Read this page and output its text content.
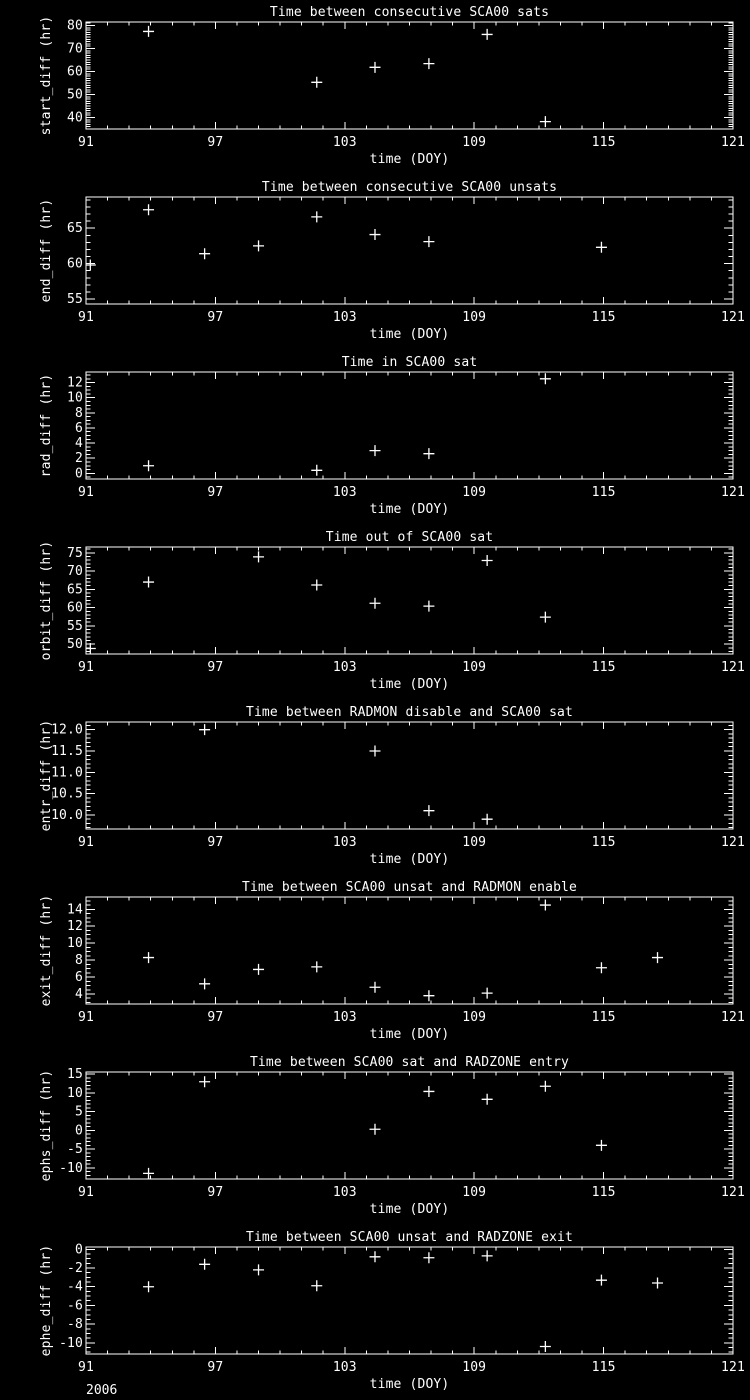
Time between consecutive SCA00 sats
91	97	103	109	115	121
40
50
60
70
80
time (DOY)
start_diff (hr)
Time between consecutive SCA00 unsats
91	97	103	109	115	121
55
60
65
time (DOY)
end_diff (hr)
Time in SCA00 sat
91	97	103	109	115	121
0
2
4
6
8
10
12
time (DOY)
rad_diff (hr)
Time out of SCA00 sat
91	97	103	109	115	121
50
55
60
65
70
75
time (DOY)
orbit_diff (hr)
Time between RADMON disable and SCA00 sat
91	97	103	109	115	121
10.0
10.5
11.0
11.5
12.0
time (DOY)
entr_diff (hr)
Time between SCA00 unsat and RADMON enable
91	97	103	109	115	121
4
6
8
10
12
14
time (DOY)
exit_diff (hr)
Time between SCA00 sat and RADZONE entry
91	97	103	109	115	121
-10
-5
0
5
10
15
time (DOY)
ephs_diff (hr)
Time between SCA00 unsat and RADZONE exit
91	97	103	109	115	121
-10
-8
-6
-4
-2
0
time (DOY)
ephe_diff (hr)
2006
